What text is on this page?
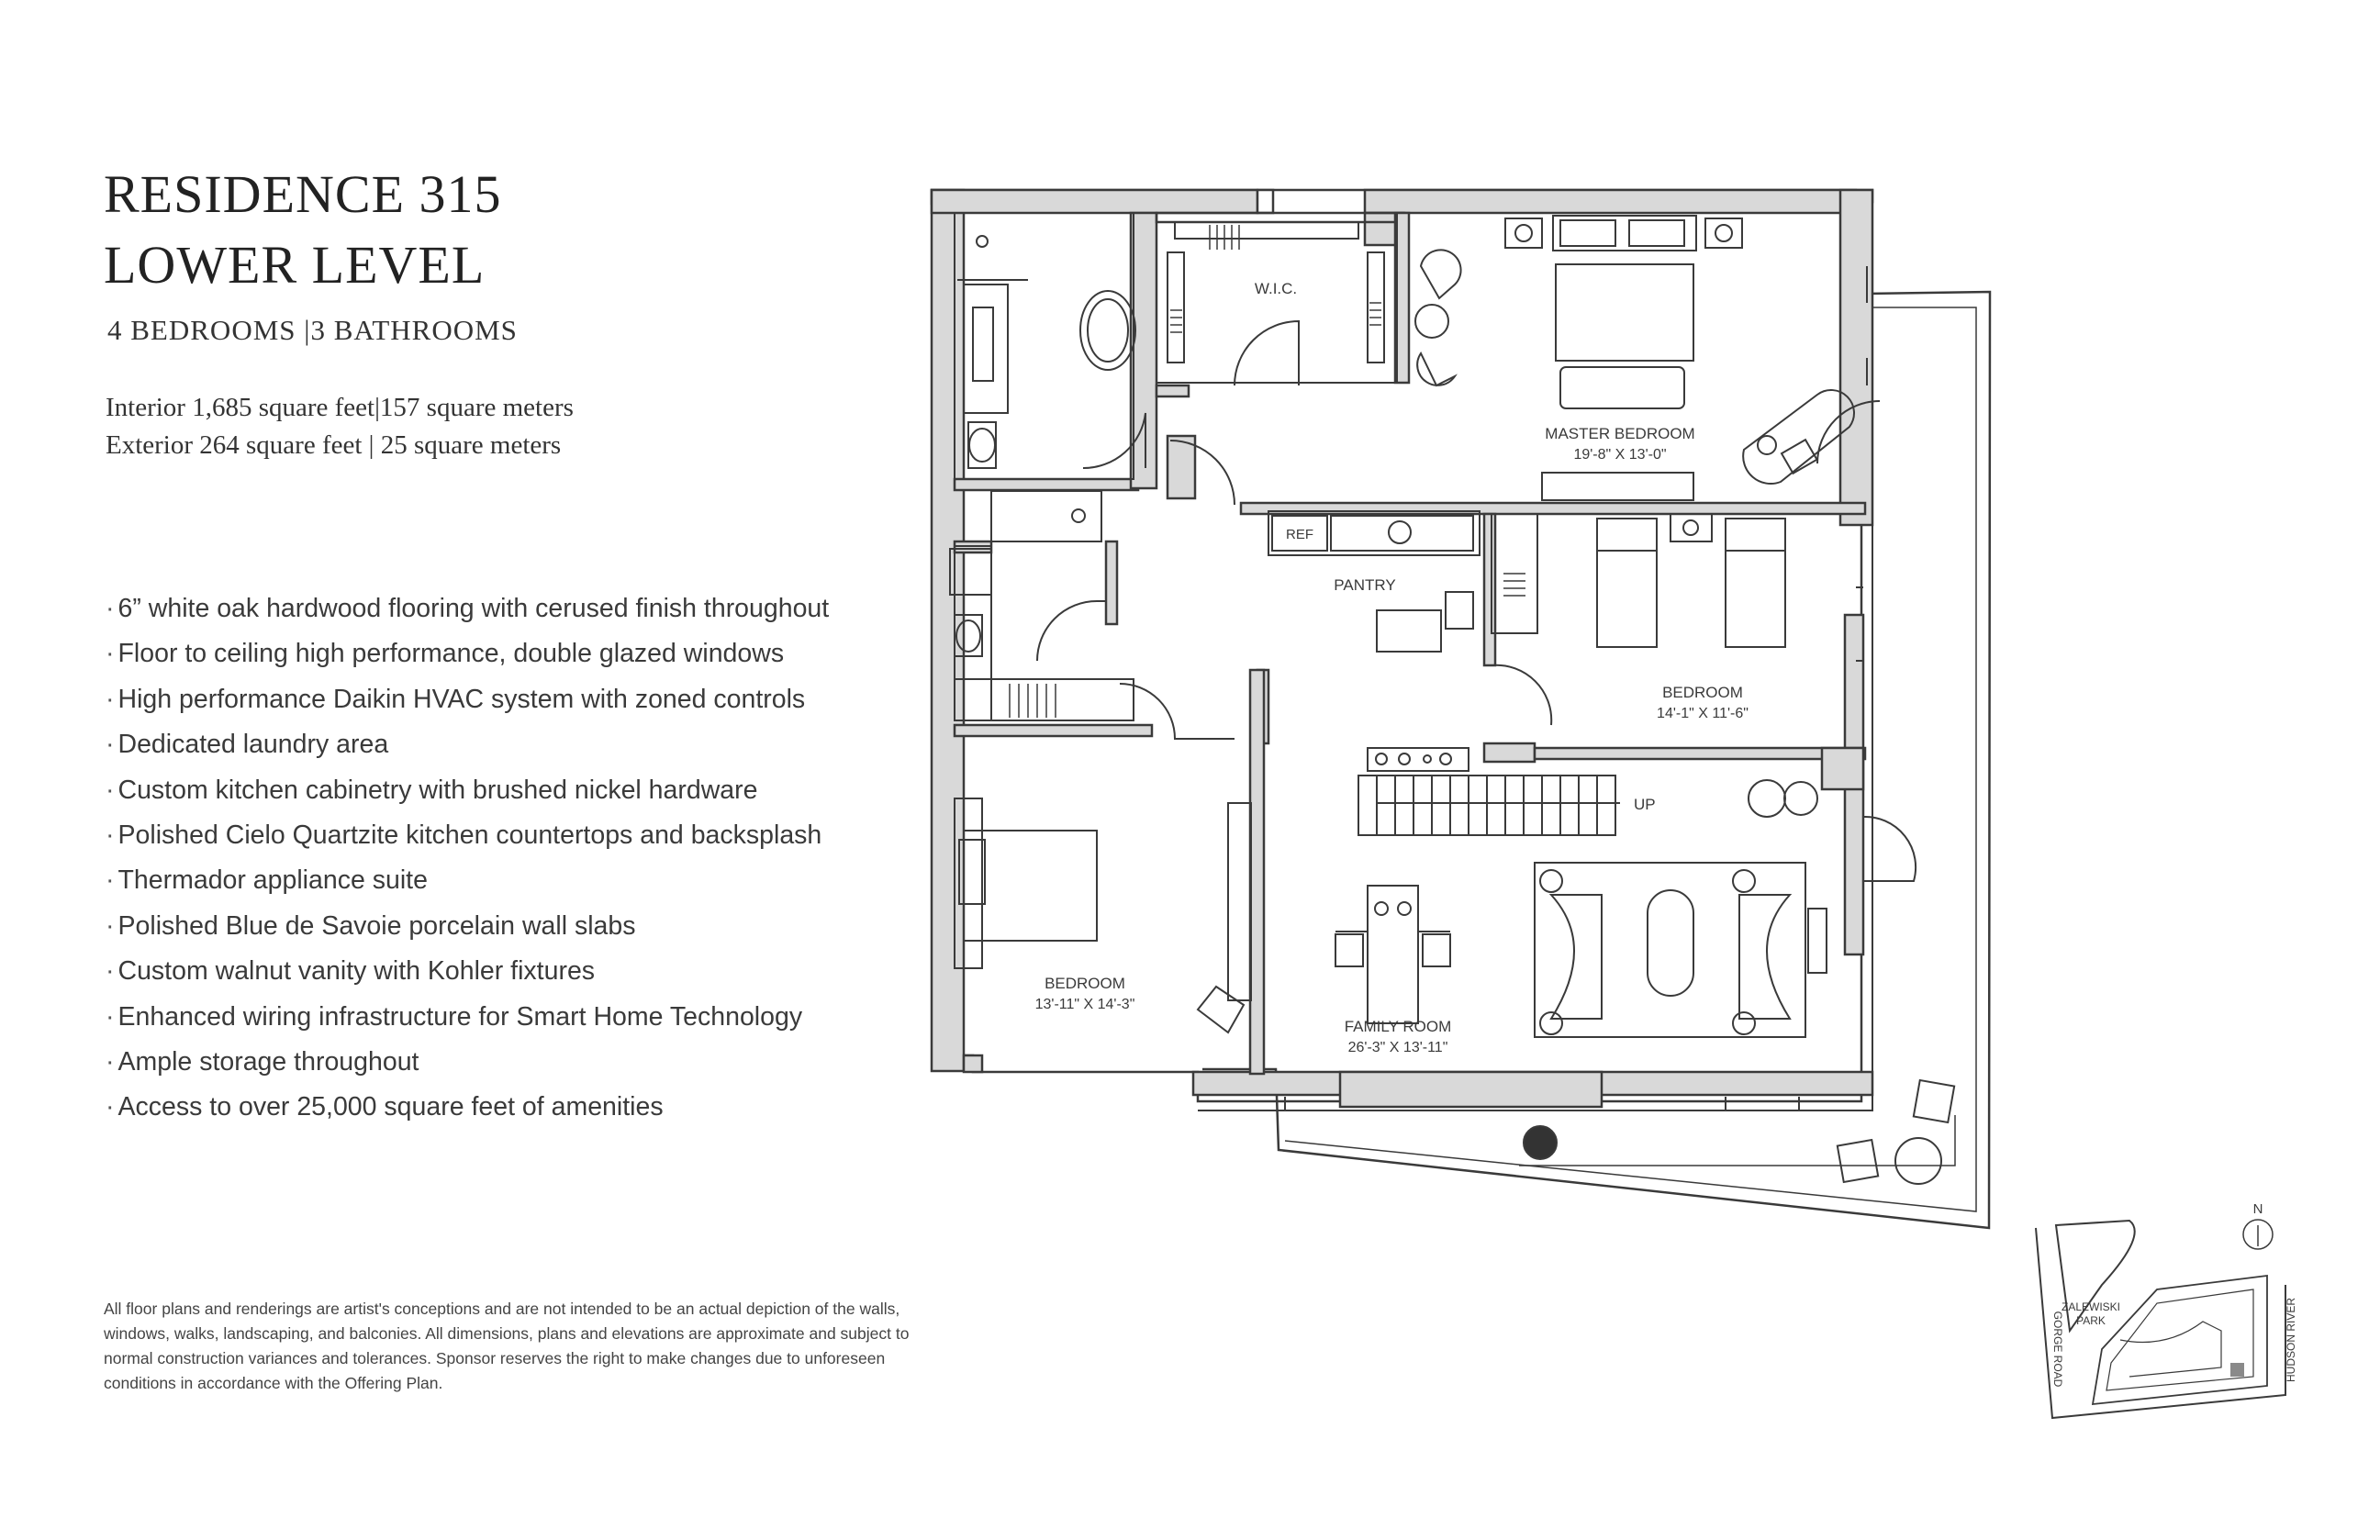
RESIDENCE 315
LOWER LEVEL
4 BEDROOMS |3 BATHROOMS
Interior 1,685 square feet|157 square meters
Exterior 264 square feet | 25 square meters
· 6” white oak hardwood flooring with cerused finish throughout
· Floor to ceiling high performance, double glazed windows
· High performance Daikin HVAC system with zoned controls
· Dedicated laundry area
· Custom kitchen cabinetry with brushed nickel hardware
· Polished Cielo Quartzite kitchen countertops and backsplash
· Thermador appliance suite
· Polished Blue de Savoie porcelain wall slabs
· Custom walnut vanity with Kohler fixtures
· Enhanced wiring infrastructure for Smart Home Technology
· Ample storage throughout
· Access to over 25,000 square feet of amenities
All floor plans and renderings are artist's conceptions and are not intended to be an actual depiction of the walls, windows, walks, landscaping, and balconies. All dimensions, plans and elevations are approximate and subject to normal construction variances and tolerances. Sponsor reserves the right to make changes due to unforeseen conditions in accordance with the Offering Plan.
W.I.C.
MASTER BEDROOM
19'-8" X 13'-0"
REF
PANTRY
BEDROOM
14'-1" X 11'-6"
UP
BEDROOM
13'-11" X 14'-3"
FAMILY ROOM
26'-3" X 13'-11"
N
ZALEWISKI
PARK
GORGE ROAD	HUDSON RIVER
